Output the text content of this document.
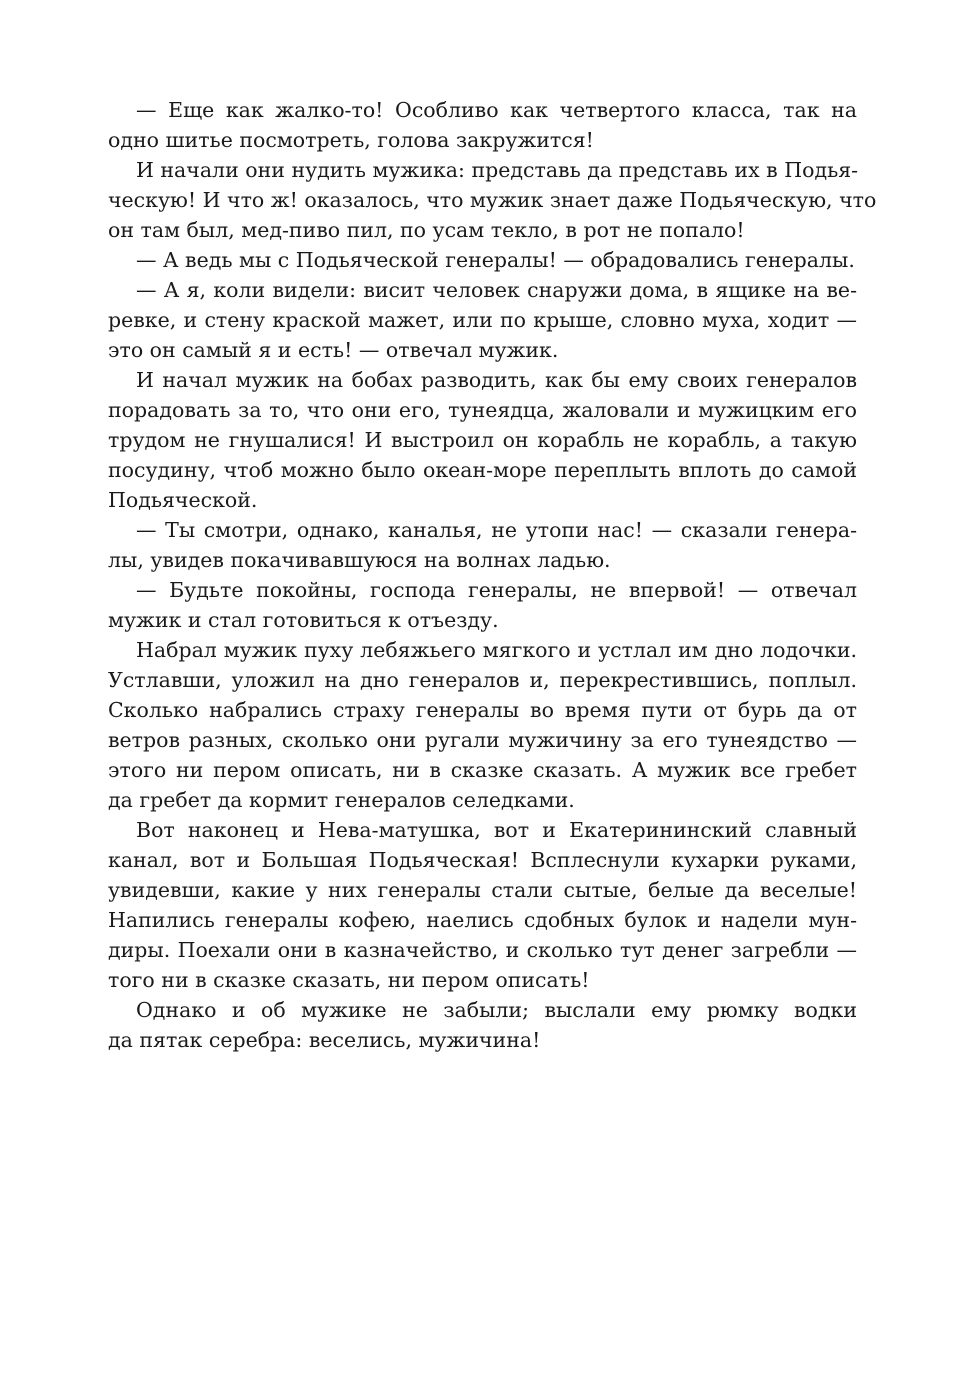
— Еще как жалко-то! Особливо как четвертого класса, так на
одно шитье посмотреть, голова закружится!
И начали они нудить мужика: представь да представь их в Подья-
ческую! И что ж! оказалось, что мужик знает даже Подьяческую, что
он там был, мед-пиво пил, по усам текло, в рот не попало!
— А ведь мы с Подьяческой генералы! — обрадовались генералы.
— А я, коли видели: висит человек снаружи дома, в ящике на ве-
ревке, и стену краской мажет, или по крыше, словно муха, ходит —
это он самый я и есть! — отвечал мужик.
И начал мужик на бобах разводить, как бы ему своих генералов
порадовать за то, что они его, тунеядца, жаловали и мужицким его
трудом не гнушалися! И выстроил он корабль не корабль, а такую
посудину, чтоб можно было океан-море переплыть вплоть до самой
Подьяческой.
— Ты смотри, однако, каналья, не утопи нас! — сказали генера-
лы, увидев покачивавшуюся на волнах ладью.
— Будьте покойны, господа генералы, не впервой! — отвечал
мужик и стал готовиться к отъезду.
Набрал мужик пуху лебяжьего мягкого и устлал им дно лодочки.
Устлавши, уложил на дно генералов и, перекрестившись, поплыл.
Сколько набрались страху генералы во время пути от бурь да от
ветров разных, сколько они ругали мужичину за его тунеядство —
этого ни пером описать, ни в сказке сказать. А мужик все гребет
да гребет да кормит генералов селедками.
Вот наконец и Нева-матушка, вот и Екатерининский славный
канал, вот и Большая Подьяческая! Всплеснули кухарки руками,
увидевши, какие у них генералы стали сытые, белые да веселые!
Напились генералы кофею, наелись сдобных булок и надели мун-
диры. Поехали они в казначейство, и сколько тут денег загребли —
того ни в сказке сказать, ни пером описать!
Однако и об мужике не забыли; выслали ему рюмку водки
да пятак серебра: веселись, мужичина!
